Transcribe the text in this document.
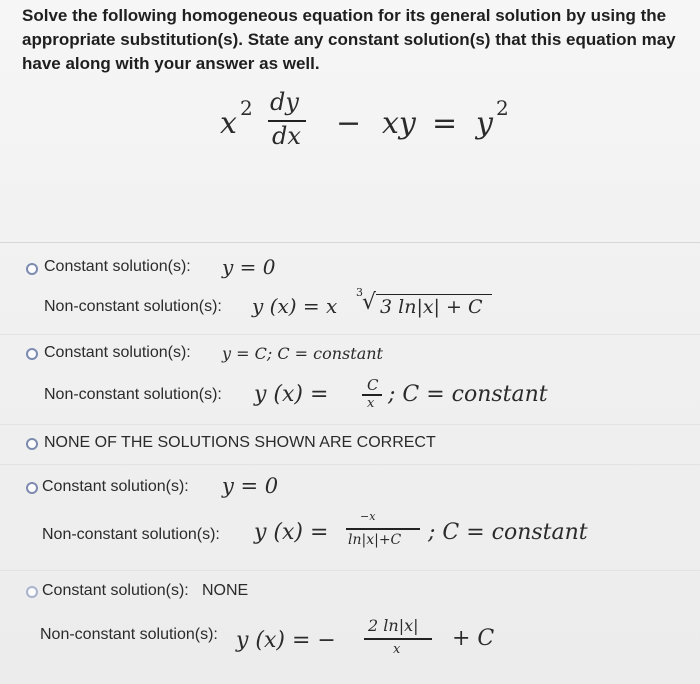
Solve the following homogeneous equation for its general solution by using the appropriate substitution(s). State any constant solution(s) that this equation may have along with your answer as well.
x 2 dy
dx − xy = y 2
Constant solution(s): y = 0
Non-constant solution(s): y (x) = x
3 √ 3 ln|x| + C
Constant solution(s): y = C; C = constant
Non-constant solution(s): y (x) =	C
x ; C = constant
NONE OF THE SOLUTIONS SHOWN ARE CORRECT
Constant solution(s): y = 0
Non-constant solution(s): y (x) =
−x
ln|x|+C ; C = constant
Constant solution(s): NONE
Non-constant solution(s): y (x) = −
2 ln|x|
x + C
